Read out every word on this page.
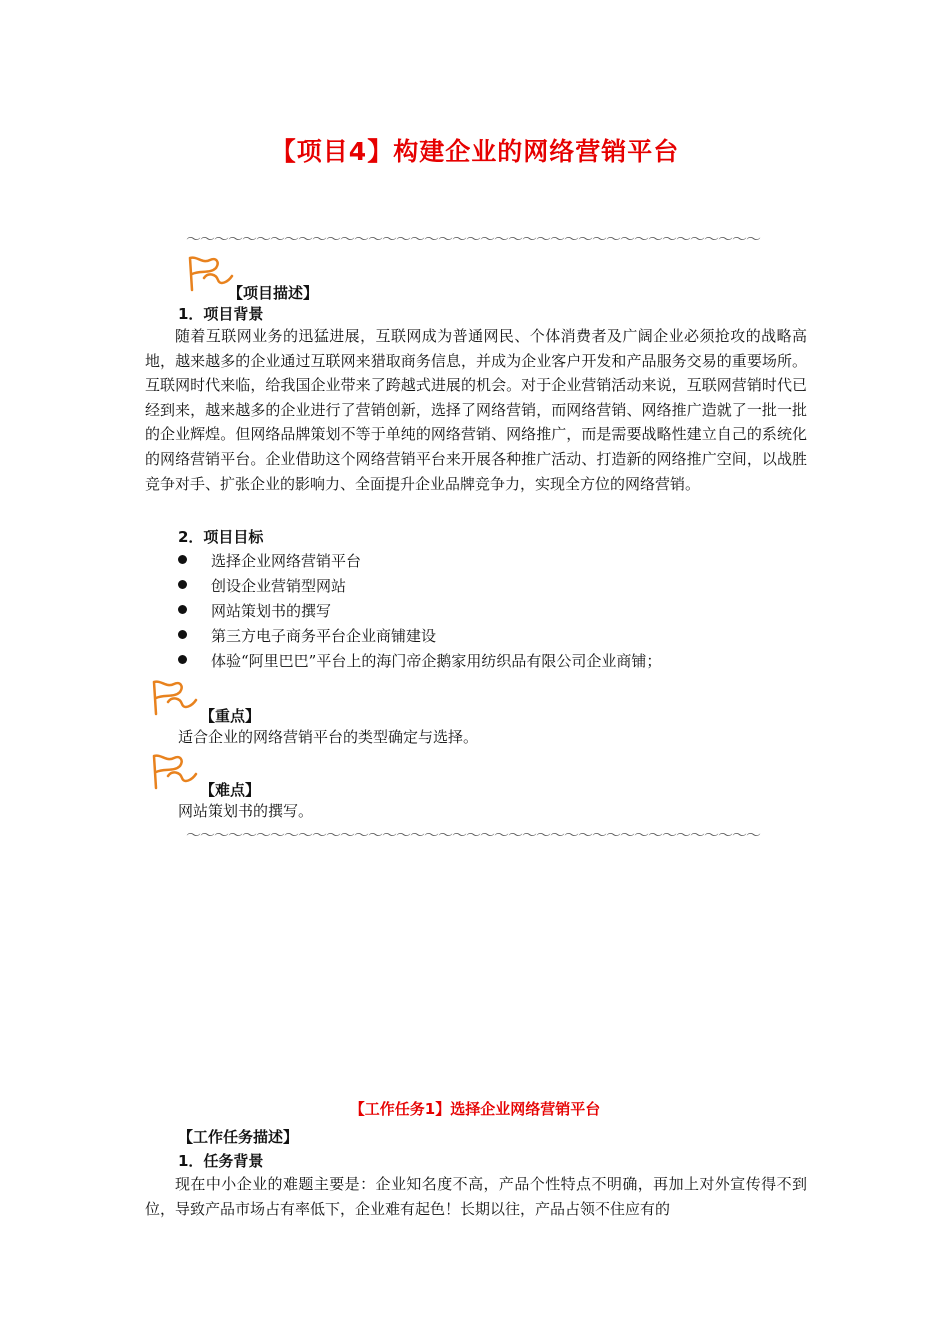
【项目4】构建企业的网络营销平台
～～～～～～～～～～～～～～～～～～～～～～～～～～～～～～～～～～～～～～～～～
【项目描述】
1．项目背景
随着互联网业务的迅猛进展，互联网成为普通网民、个体消费者及广阔企业必须抢攻的战略高地，越来越多的企业通过互联网来猎取商务信息，并成为企业客户开发和产品服务交易的重要场所。互联网时代来临，给我国企业带来了跨越式进展的机会。对于企业营销活动来说，互联网营销时代已经到来，越来越多的企业进行了营销创新，选择了网络营销，而网络营销、网络推广造就了一批一批的企业辉煌。但网络品牌策划不等于单纯的网络营销、网络推广，而是需要战略性建立自己的系统化的网络营销平台。企业借助这个网络营销平台来开展各种推广活动、打造新的网络推广空间，以战胜竞争对手、扩张企业的影响力、全面提升企业品牌竞争力，实现全方位的网络营销。
2．项目目标
选择企业网络营销平台
创设企业营销型网站
网站策划书的撰写
第三方电子商务平台企业商铺建设
体验“阿里巴巴”平台上的海门帝企鹅家用纺织品有限公司企业商铺；
【重点】
适合企业的网络营销平台的类型确定与选择。
【难点】
网站策划书的撰写。
～～～～～～～～～～～～～～～～～～～～～～～～～～～～～～～～～～～～～～～～～
【工作任务1】选择企业网络营销平台
【工作任务描述】
1．任务背景
现在中小企业的难题主要是：企业知名度不高，产品个性特点不明确，再加上对外宣传得不到位，导致产品市场占有率低下，企业难有起色！长期以往，产品占领不住应有的
